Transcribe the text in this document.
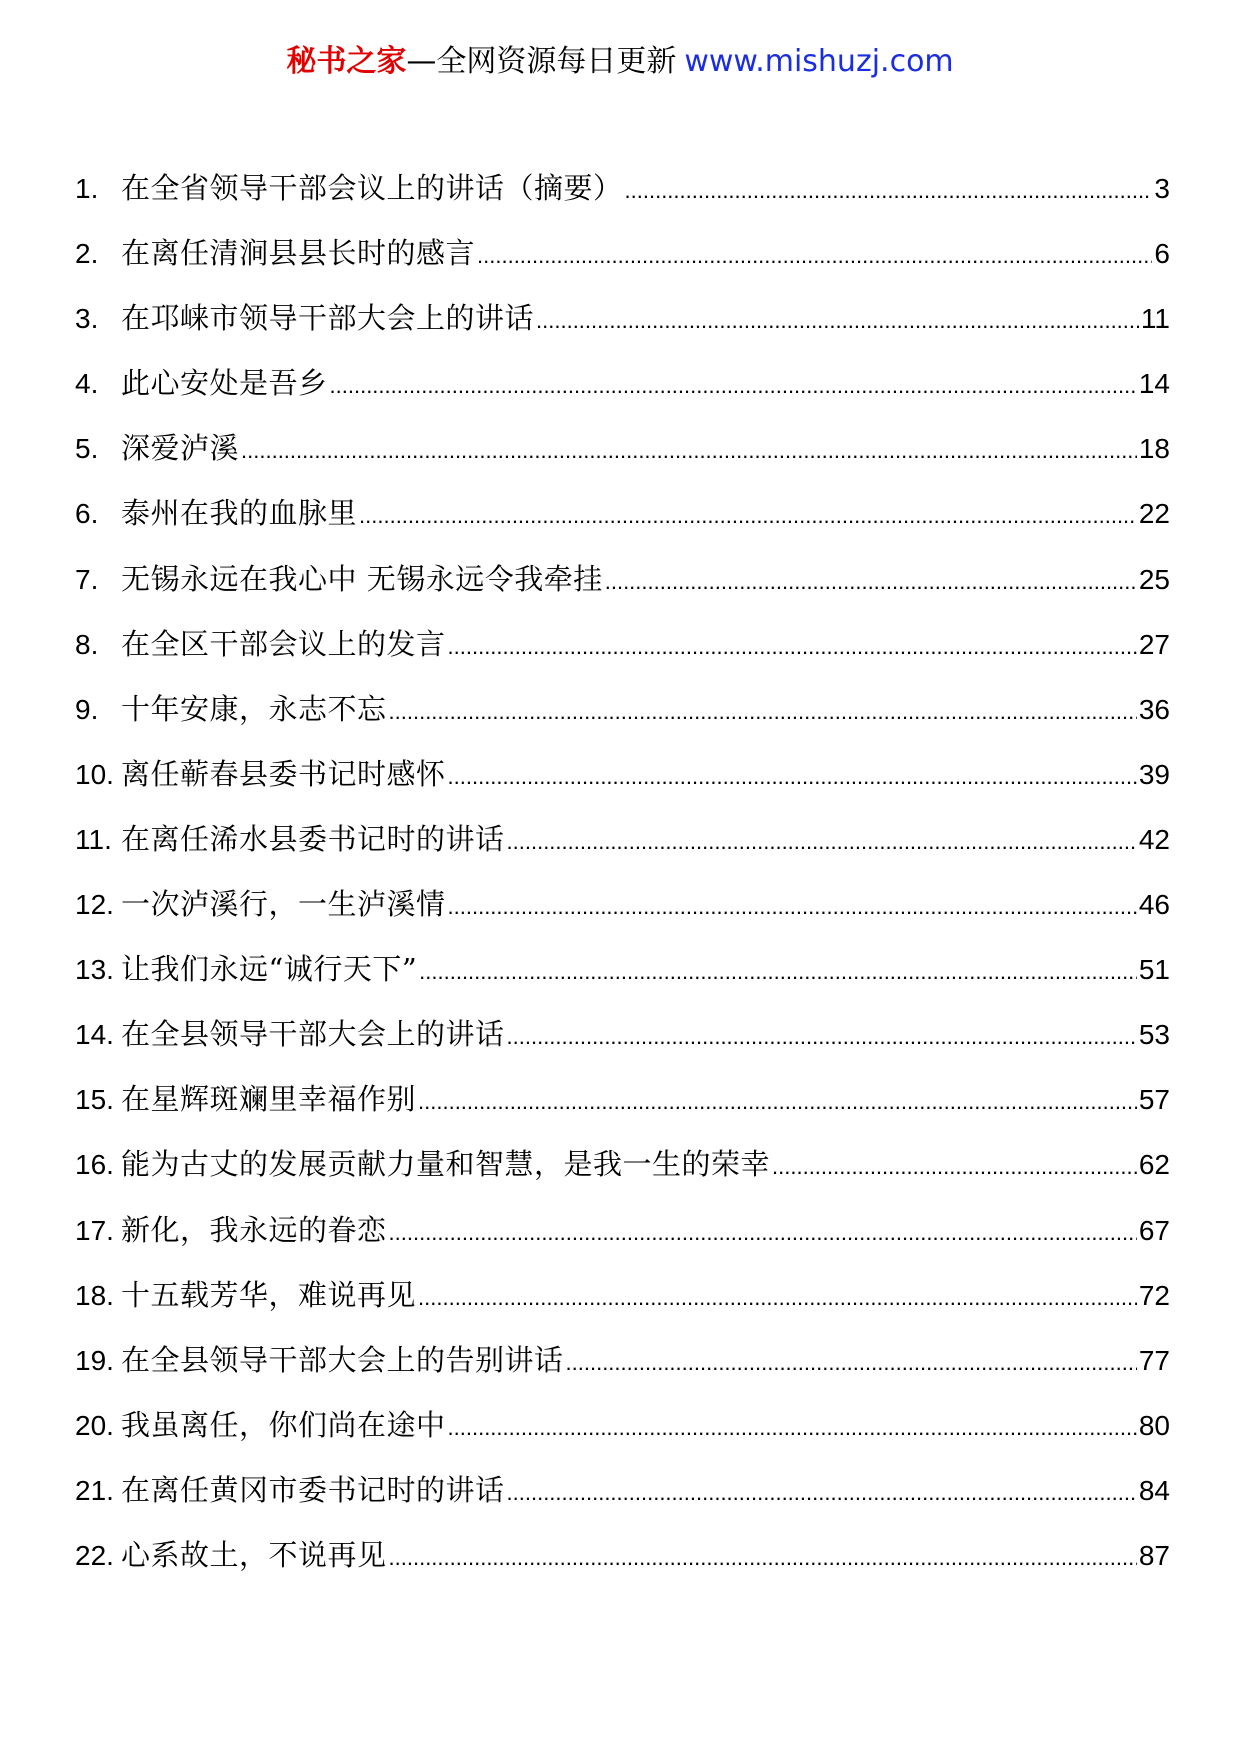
秘书之家—全网资源每日更新 www.mishuzj.com
1. 在全省领导干部会议上的讲话（摘要） .....	3
2. 在离任清涧县县长时的感言 .....	6
3. 在邛崃市领导干部大会上的讲话 .....	11
4. 此心安处是吾乡 .....	14
5. 深爱泸溪 .....	18
6. 泰州在我的血脉里 .....	22
7. 无锡永远在我心中 无锡永远令我牵挂 .....	25
8. 在全区干部会议上的发言 .....	27
9. 十年安康，永志不忘 .....	36
10. 离任蕲春县委书记时感怀 .....	39
11. 在离任浠水县委书记时的讲话 .....	42
12. 一次泸溪行，一生泸溪情 .....	46
13. 让我们永远“诚行天下” .....	51
14. 在全县领导干部大会上的讲话 .....	53
15. 在星辉斑斓里幸福作别 .....	57
16. 能为古丈的发展贡献力量和智慧，是我一生的荣幸 .....	62
17. 新化，我永远的眷恋 .....	67
18. 十五载芳华，难说再见 .....	72
19. 在全县领导干部大会上的告别讲话 .....	77
20. 我虽离任，你们尚在途中 .....	80
21. 在离任黄冈市委书记时的讲话 .....	84
22. 心系故土，不说再见 .....	87
